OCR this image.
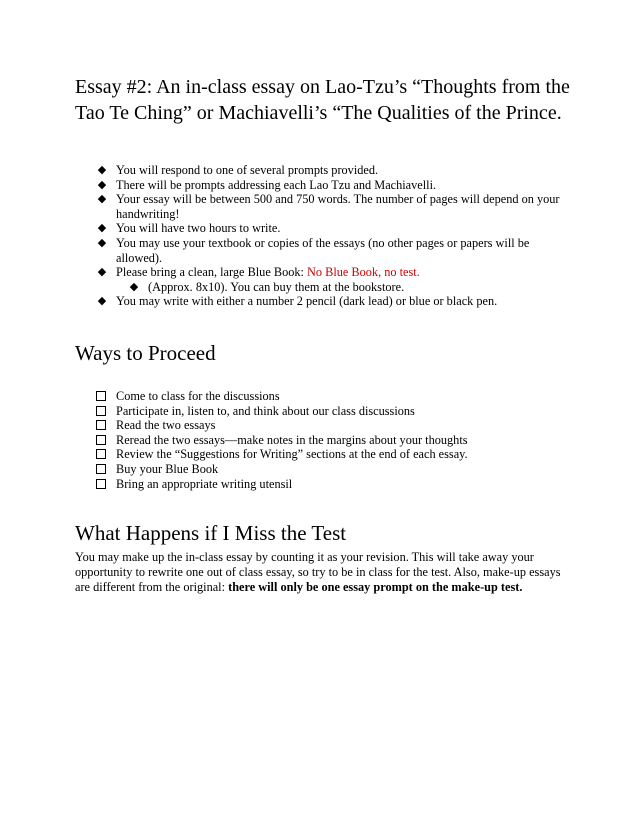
Essay #2: An in-class essay on Lao-Tzu’s “Thoughts from the Tao Te Ching” or Machiavelli’s “The Qualities of the Prince.
◆ You will respond to one of several prompts provided.
◆ There will be prompts addressing each Lao Tzu and Machiavelli.
◆ Your essay will be between 500 and 750 words. The number of pages will depend on your handwriting!
◆ You will have two hours to write.
◆ You may use your textbook or copies of the essays (no other pages or papers will be allowed).
◆ Please bring a clean, large Blue Book: No Blue Book, no test.
◆ (Approx. 8x10). You can buy them at the bookstore.
◆ You may write with either a number 2 pencil (dark lead) or blue or black pen.
Ways to Proceed
Come to class for the discussions
Participate in, listen to, and think about our class discussions
Read the two essays
Reread the two essays—make notes in the margins about your thoughts
Review the “Suggestions for Writing” sections at the end of each essay.
Buy your Blue Book
Bring an appropriate writing utensil
What Happens if I Miss the Test

You may make up the in-class essay by counting it as your revision. This will take away your opportunity to rewrite one out of class essay, so try to be in class for the test. Also, make-up essays are different from the original: there will only be one essay prompt on the make-up test.
